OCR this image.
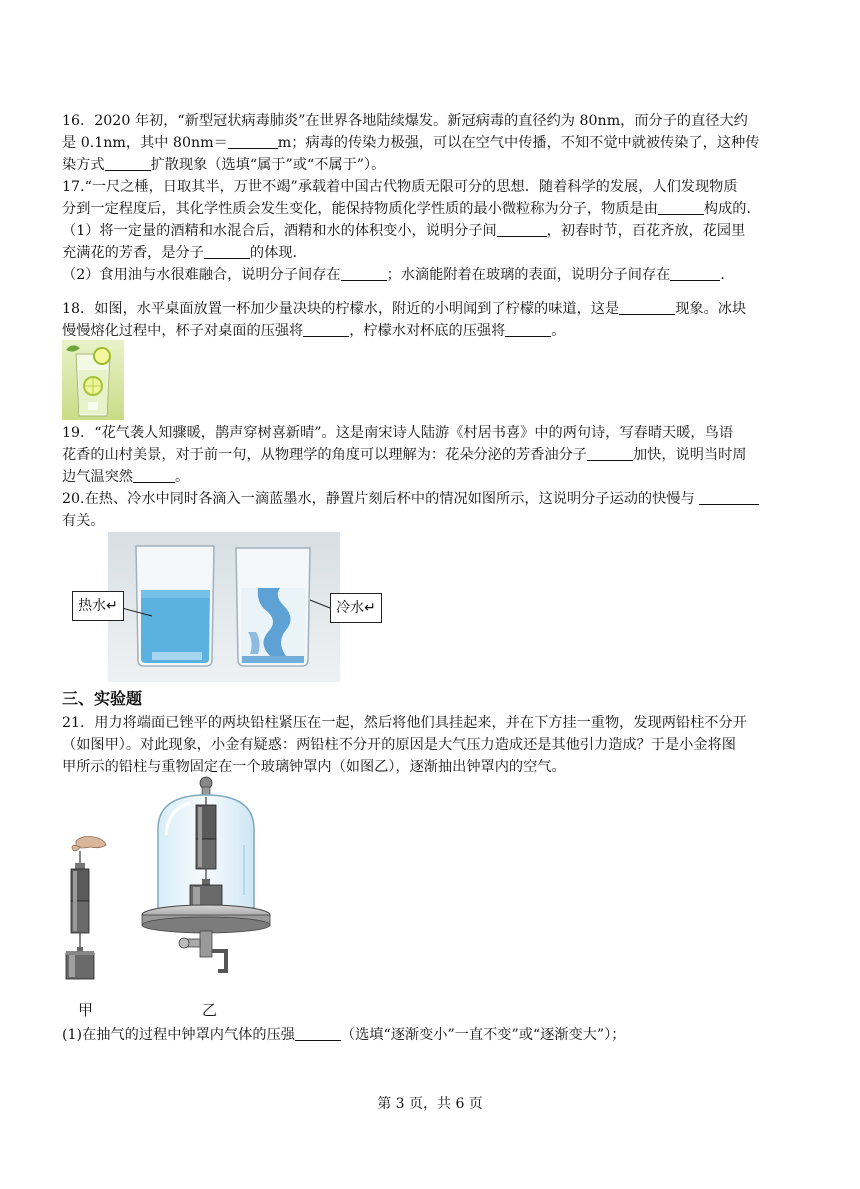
16．2020 年初，“新型冠状病毒肺炎”在世界各地陆续爆发。新冠病毒的直径约为 80nm，而分子的直径大约
是 0.1nm，其中 80nm＝	m；病毒的传染力极强，可以在空气中传播，不知不觉中就被传染了，这种传
染方式	扩散现象（选填“属于”或“不属于”）。
17.“一尺之棰，日取其半，万世不竭”承载着中国古代物质无限可分的思想．随着科学的发展，人们发现物质
分到一定程度后，其化学性质会发生变化，能保持物质化学性质的最小微粒称为分子，物质是由	构成的．
（1）将一定量的酒精和水混合后，酒精和水的体积变小，说明分子间	，初春时节，百花齐放，花园里
充满花的芳香，是分子	的体现．
（2）食用油与水很难融合，说明分子间存在	；水滴能附着在玻璃的表面，说明分子间存在	．
18．如图，水平桌面放置一杯加少量决块的柠檬水，附近的小明闻到了柠檬的味道，这是	现象。冰块
慢慢熔化过程中，杯子对桌面的压强将	，柠檬水对杯底的压强将	。
19．“花气袭人知骤暖，鹊声穿树喜新晴”。这是南宋诗人陆游《村居书喜》中的两句诗，写春晴天暖，鸟语
花香的山村美景，对于前一句，从物理学的角度可以理解为：花朵分泌的芳香油分子	加快，说明当时周
边气温突然	。
20.在热、冷水中同时各滴入一滴蓝墨水，静置片刻后杯中的情况如图所示，这说明分子运动的快慢与
有关。
热水↵	冷水↵
三、实验题
21．用力将端面已锉平的两块铅柱紧压在一起，然后将他们具挂起来，并在下方挂一重物，发现两铅柱不分开
（如图甲）。对此现象，小金有疑惑：两铅柱不分开的原因是大气压力造成还是其他引力造成？于是小金将图
甲所示的铅柱与重物固定在一个玻璃钟罩内（如图乙），逐渐抽出钟罩内的空气。
甲	乙
(1)在抽气的过程中钟罩内气体的压强	（选填“逐渐变小”一直不变”或“逐渐变大”）；
第 3 页，共 6 页
